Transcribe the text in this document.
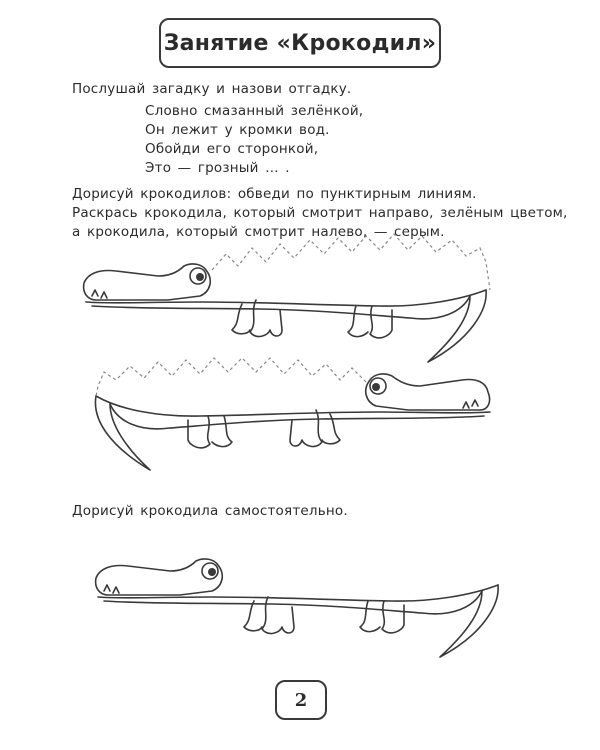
Занятие «Крокодил»
Послушай загадку и назови отгадку.
Словно смазанный зелёнкой,
Он лежит у кромки вод.
Обойди его сторонкой,
Это — грозный … .
Дорисуй крокодилов: обведи по пунктирным линиям.
Раскрась крокодила, который смотрит направо, зелёным цветом,
а крокодила, который смотрит налево, — серым.
Дорисуй крокодила самостоятельно.
2
